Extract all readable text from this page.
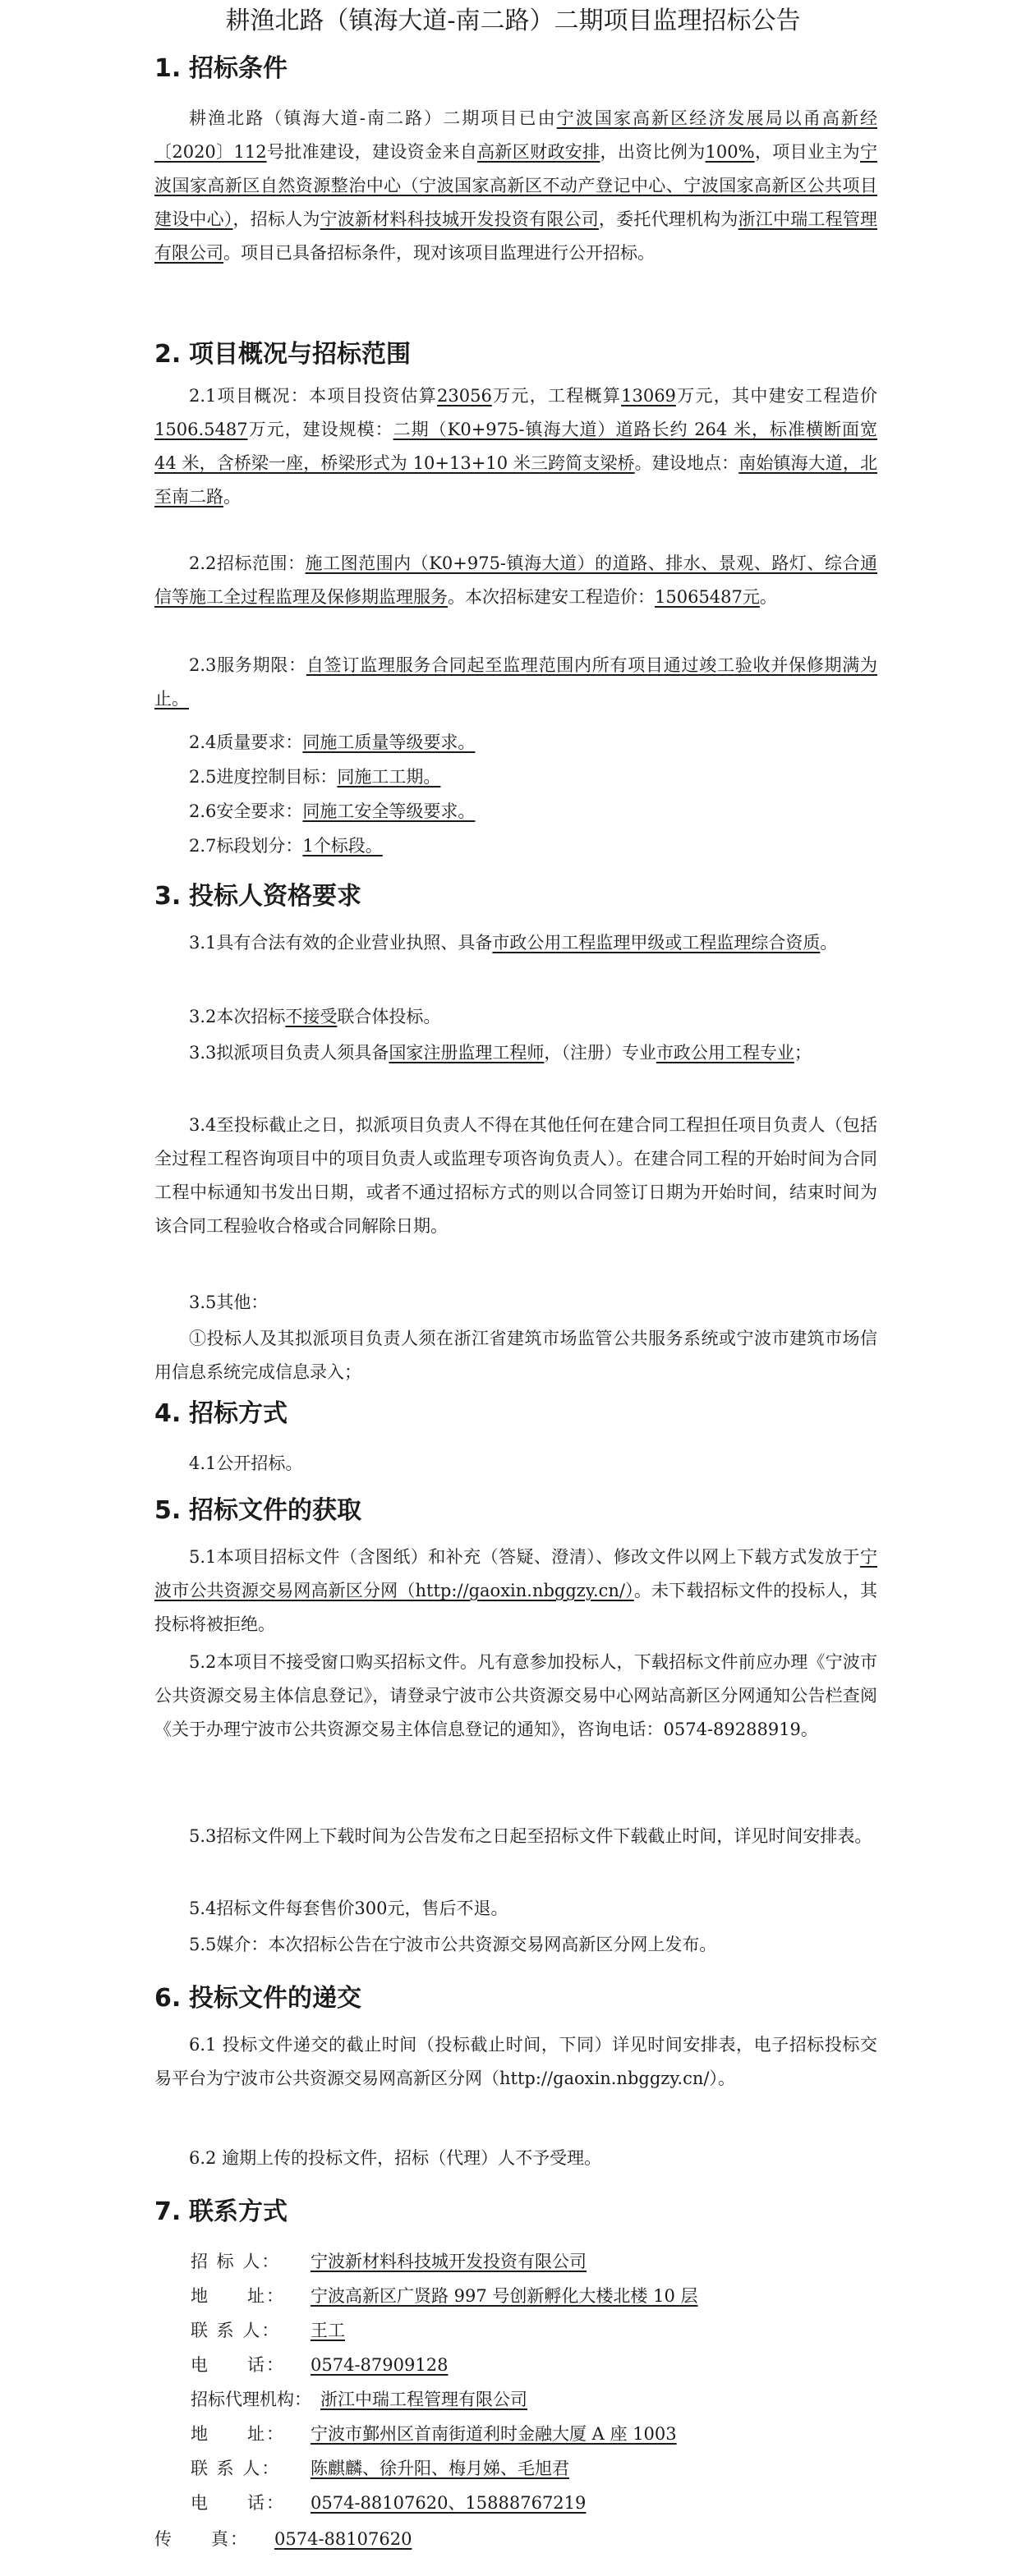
耕渔北路（镇海大道-南二路）二期项目监理招标公告
1. 招标条件

耕渔北路（镇海大道-南二路）二期项目已由宁波国家高新区经济发展局以甬高新经〔2020〕112号批准建设，建设资金来自高新区财政安排，出资比例为100%，项目业主为宁波国家高新区自然资源整治中心（宁波国家高新区不动产登记中心、宁波国家高新区公共项目建设中心），招标人为宁波新材料科技城开发投资有限公司，委托代理机构为浙江中瑞工程管理有限公司。项目已具备招标条件，现对该项目监理进行公开招标。

2. 项目概况与招标范围

2.1项目概况：本项目投资估算23056万元，工程概算13069万元，其中建安工程造价1506.5487万元，建设规模：二期（K0+975-镇海大道）道路长约 264 米，标准横断面宽 44 米，含桥梁一座，桥梁形式为 10+13+10 米三跨简支梁桥。建设地点：南始镇海大道，北至南二路。

2.2招标范围：施工图范围内（K0+975-镇海大道）的道路、排水、景观、路灯、综合通信等施工全过程监理及保修期监理服务。本次招标建安工程造价：15065487元。

2.3服务期限：自签订监理服务合同起至监理范围内所有项目通过竣工验收并保修期满为止。

2.4质量要求：同施工质量等级要求。

2.5进度控制目标：同施工工期。

2.6安全要求：同施工安全等级要求。

2.7标段划分：1个标段。

3. 投标人资格要求

3.1具有合法有效的企业营业执照、具备市政公用工程监理甲级或工程监理综合资质。

3.2本次招标不接受联合体投标。

3.3拟派项目负责人须具备国家注册监理工程师，（注册）专业市政公用工程专业；

3.4至投标截止之日，拟派项目负责人不得在其他任何在建合同工程担任项目负责人（包括全过程工程咨询项目中的项目负责人或监理专项咨询负责人）。在建合同工程的开始时间为合同工程中标通知书发出日期，或者不通过招标方式的则以合同签订日期为开始时间，结束时间为该合同工程验收合格或合同解除日期。

3.5其他：

①投标人及其拟派项目负责人须在浙江省建筑市场监管公共服务系统或宁波市建筑市场信用信息系统完成信息录入；

4. 招标方式

4.1公开招标。

5. 招标文件的获取

5.1本项目招标文件（含图纸）和补充（答疑、澄清）、修改文件以网上下载方式发放于宁波市公共资源交易网高新区分网（http://gaoxin.nbggzy.cn/）。未下载招标文件的投标人，其投标将被拒绝。

5.2本项目不接受窗口购买招标文件。凡有意参加投标人，下载招标文件前应办理《宁波市公共资源交易主体信息登记》，请登录宁波市公共资源交易中心网站高新区分网通知公告栏查阅《关于办理宁波市公共资源交易主体信息登记的通知》，咨询电话：0574-89288919。

5.3招标文件网上下载时间为公告发布之日起至招标文件下载截止时间，详见时间安排表。

5.4招标文件每套售价300元，售后不退。

5.5媒介：本次招标公告在宁波市公共资源交易网高新区分网上发布。

6. 投标文件的递交

6.1 投标文件递交的截止时间（投标截止时间，下同）详见时间安排表，电子招标投标交易平台为宁波市公共资源交易网高新区分网（http://gaoxin.nbggzy.cn/）。

6.2 逾期上传的投标文件，招标（代理）人不予受理。

7. 联系方式

招 标 人： 宁波新材料科技城开发投资有限公司

地　　址： 宁波高新区广贤路 997 号创新孵化大楼北楼 10 层

联 系 人： 王工

电　　话： 0574-87909128

招标代理机构： 浙江中瑞工程管理有限公司

地　　址： 宁波市鄞州区首南街道利时金融大厦 A 座 1003

联 系 人： 陈麒麟、徐升阳、梅月娣、毛旭君

电　　话： 0574-88107620、15888767219

传　　真： 0574-88107620
